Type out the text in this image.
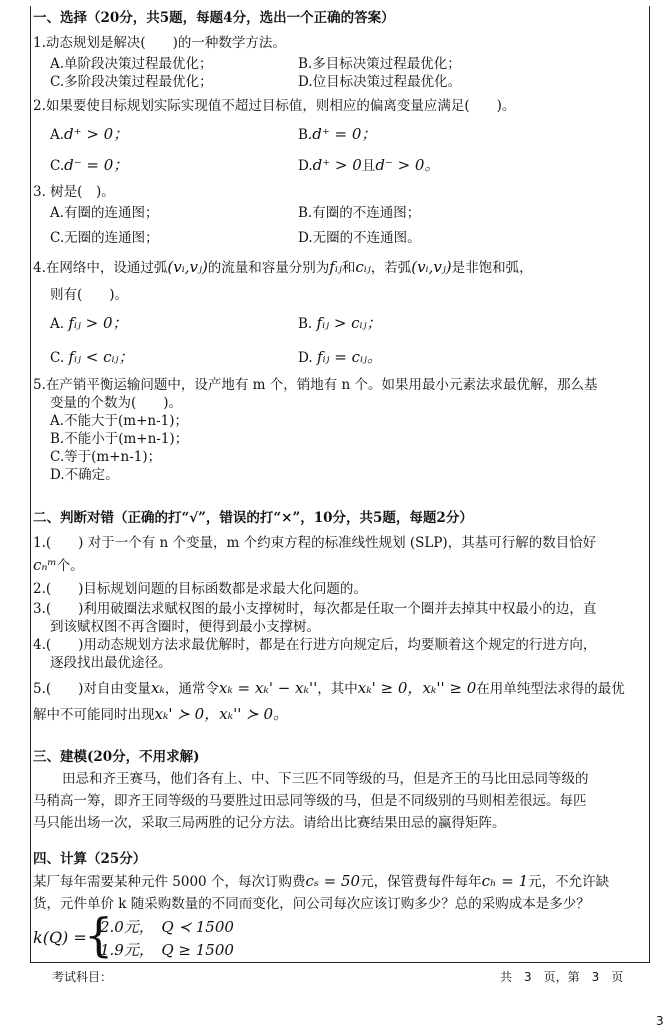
一、选择（20分，共5题，每题4分，选出一个正确的答案）
1.动态规划是解决(　　)的一种数学方法。
A.单阶段决策过程最优化；	B.多目标决策过程最优化；
C.多阶段决策过程最优化；	D.位目标决策过程最优化。
2.如果要使目标规划实际实现值不超过目标值，则相应的偏离变量应满足(　　)。
A.d⁺ > 0；	B.d⁺ = 0；
C.d⁻ = 0；	D.d⁺ > 0且d⁻ > 0。
3. 树是(　)。
A.有圈的连通图；	B.有圈的不连通图；
C.无圈的连通图；	D.无圈的不连通图。
4.在网络中，设通过弧(vᵢ,vⱼ)的流量和容量分别为fᵢⱼ和cᵢⱼ，若弧(vᵢ,vⱼ)是非饱和弧，
则有(　　)。
A. fᵢⱼ > 0；	B. fᵢⱼ > cᵢⱼ；
C. fᵢⱼ < cᵢⱼ；	D. fᵢⱼ = cᵢⱼ。
5.在产销平衡运输问题中，设产地有 m 个，销地有 n 个。如果用最小元素法求最优解，那么基
变量的个数为(　　)。
A.不能大于(m+n-1)；
B.不能小于(m+n-1)；
C.等于(m+n-1)；
D.不确定。
二、判断对错（正确的打“√”，错误的打“×”，10分，共5题，每题2分）
1.(　　) 对于一个有 n 个变量，m 个约束方程的标准线性规划 (SLP)，其基可行解的数目恰好
cₙᵐ个。
2.(　　)目标规划问题的目标函数都是求最大化问题的。
3.(　　)利用破圈法求赋权图的最小支撑树时，每次都是任取一个圈并去掉其中权最小的边，直
到该赋权图不再含圈时，便得到最小支撑树。
4.(　　)用动态规划方法求最优解时，都是在行进方向规定后，均要顺着这个规定的行进方向，
逐段找出最优途径。
5.(　　)对自由变量xₖ，通常令xₖ = xₖ' − xₖ''，其中xₖ' ≥ 0，xₖ'' ≥ 0在用单纯型法求得的最优
解中不可能同时出现xₖ' ≻ 0，xₖ'' ≻ 0。
三、建模(20分，不用求解)
田忌和齐王赛马，他们各有上、中、下三匹不同等级的马，但是齐王的马比田忌同等级的
马稍高一筹，即齐王同等级的马要胜过田忌同等级的马，但是不同级别的马则相差很远。每匹
马只能出场一次，采取三局两胜的记分方法。请给出比赛结果田忌的赢得矩阵。
四、计算（25分）
某厂每年需要某种元件 5000 个，每次订购费cₛ = 50元，保管费每件每年cₕ = 1元，不允许缺
货，元件单价 k 随采购数量的不同而变化，问公司每次应该订购多少？总的采购成本是多少？
k(Q) =
{
2.0元，　Q ≺ 1500
1.9元，　Q ≥ 1500
考试科目：	共　3　页，第　3　页
3
